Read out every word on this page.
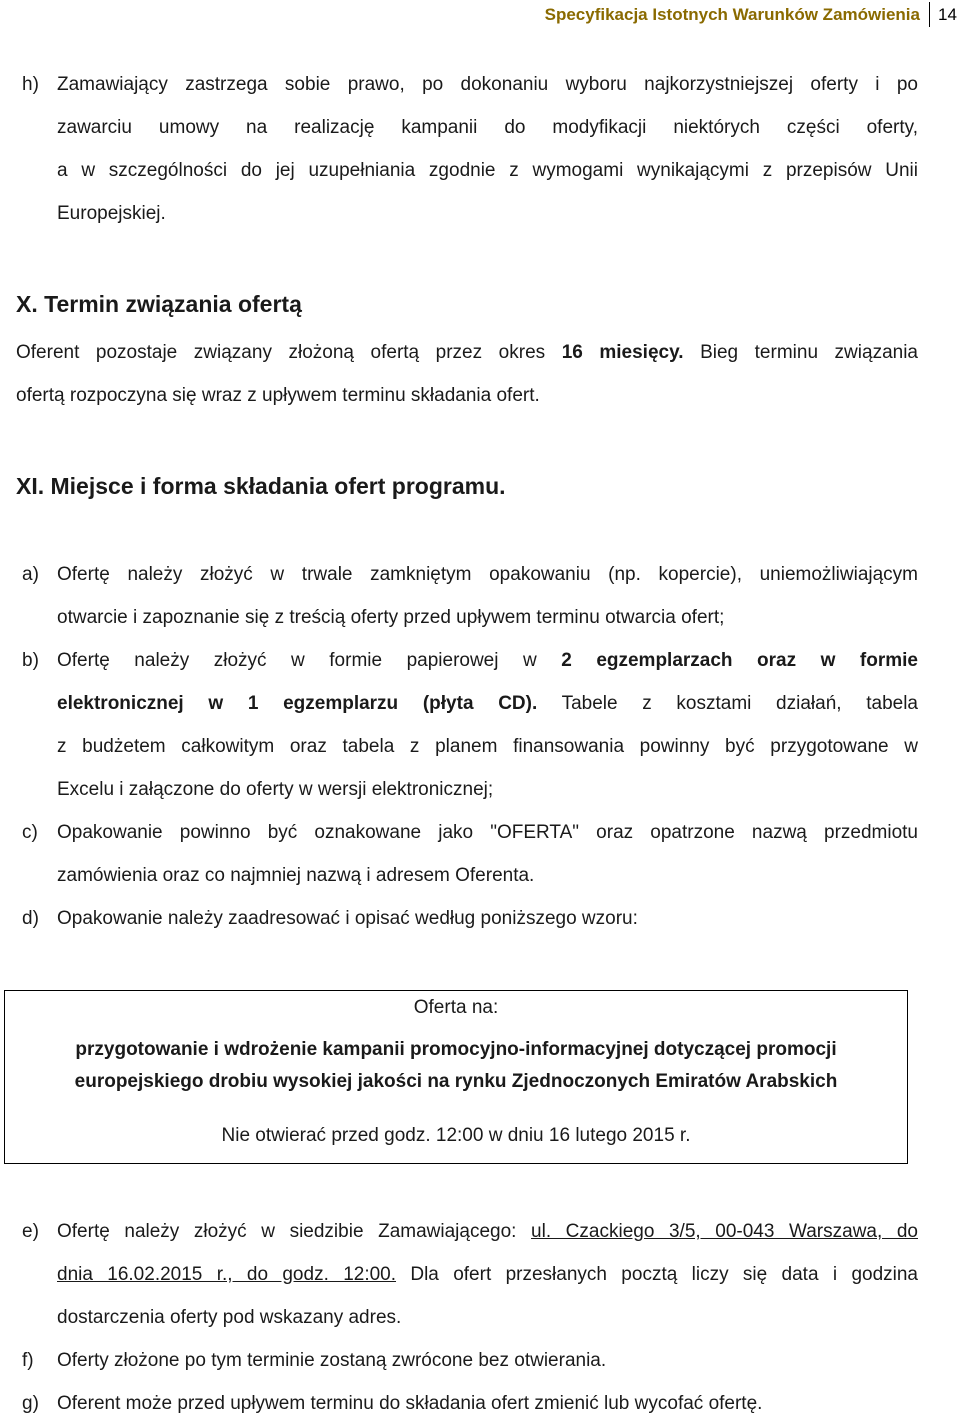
Specyfikacja Istotnych Warunków Zamówienia 14
h) Zamawiający zastrzega sobie prawo, po dokonaniu wyboru najkorzystniejszej oferty i po
zawarciu umowy na realizację kampanii do modyfikacji niektórych części oferty,
a w szczególności do jej uzupełniania zgodnie z wymogami wynikającymi z przepisów Unii
Europejskiej.
X. Termin związania ofertą
Oferent pozostaje związany złożoną ofertą przez okres 16 miesięcy. Bieg terminu związania
ofertą rozpoczyna się wraz z upływem terminu składania ofert.
XI. Miejsce i forma składania ofert programu.
a) Ofertę należy złożyć w trwale zamkniętym opakowaniu (np. kopercie), uniemożliwiającym
otwarcie i zapoznanie się z treścią oferty przed upływem terminu otwarcia ofert;
b) Ofertę należy złożyć w formie papierowej w 2 egzemplarzach oraz w formie
elektronicznej w 1 egzemplarzu (płyta CD). Tabele z kosztami działań, tabela
z budżetem całkowitym oraz tabela z planem finansowania powinny być przygotowane w
Excelu i załączone do oferty w wersji elektronicznej;
c) Opakowanie powinno być oznakowane jako "OFERTA" oraz opatrzone nazwą przedmiotu
zamówienia oraz co najmniej nazwą i adresem Oferenta.
d) Opakowanie należy zaadresować i opisać według poniższego wzoru:
Oferta na:
przygotowanie i wdrożenie kampanii promocyjno-informacyjnej dotyczącej promocji
europejskiego drobiu wysokiej jakości na rynku Zjednoczonych Emiratów Arabskich
Nie otwierać przed godz. 12:00 w dniu 16 lutego 2015 r.
e) Ofertę należy złożyć w siedzibie Zamawiającego: ul. Czackiego 3/5, 00-043 Warszawa, do
dnia 16.02.2015 r., do godz. 12:00. Dla ofert przesłanych pocztą liczy się data i godzina
dostarczenia oferty pod wskazany adres.
f) Oferty złożone po tym terminie zostaną zwrócone bez otwierania.
g) Oferent może przed upływem terminu do składania ofert zmienić lub wycofać ofertę.
